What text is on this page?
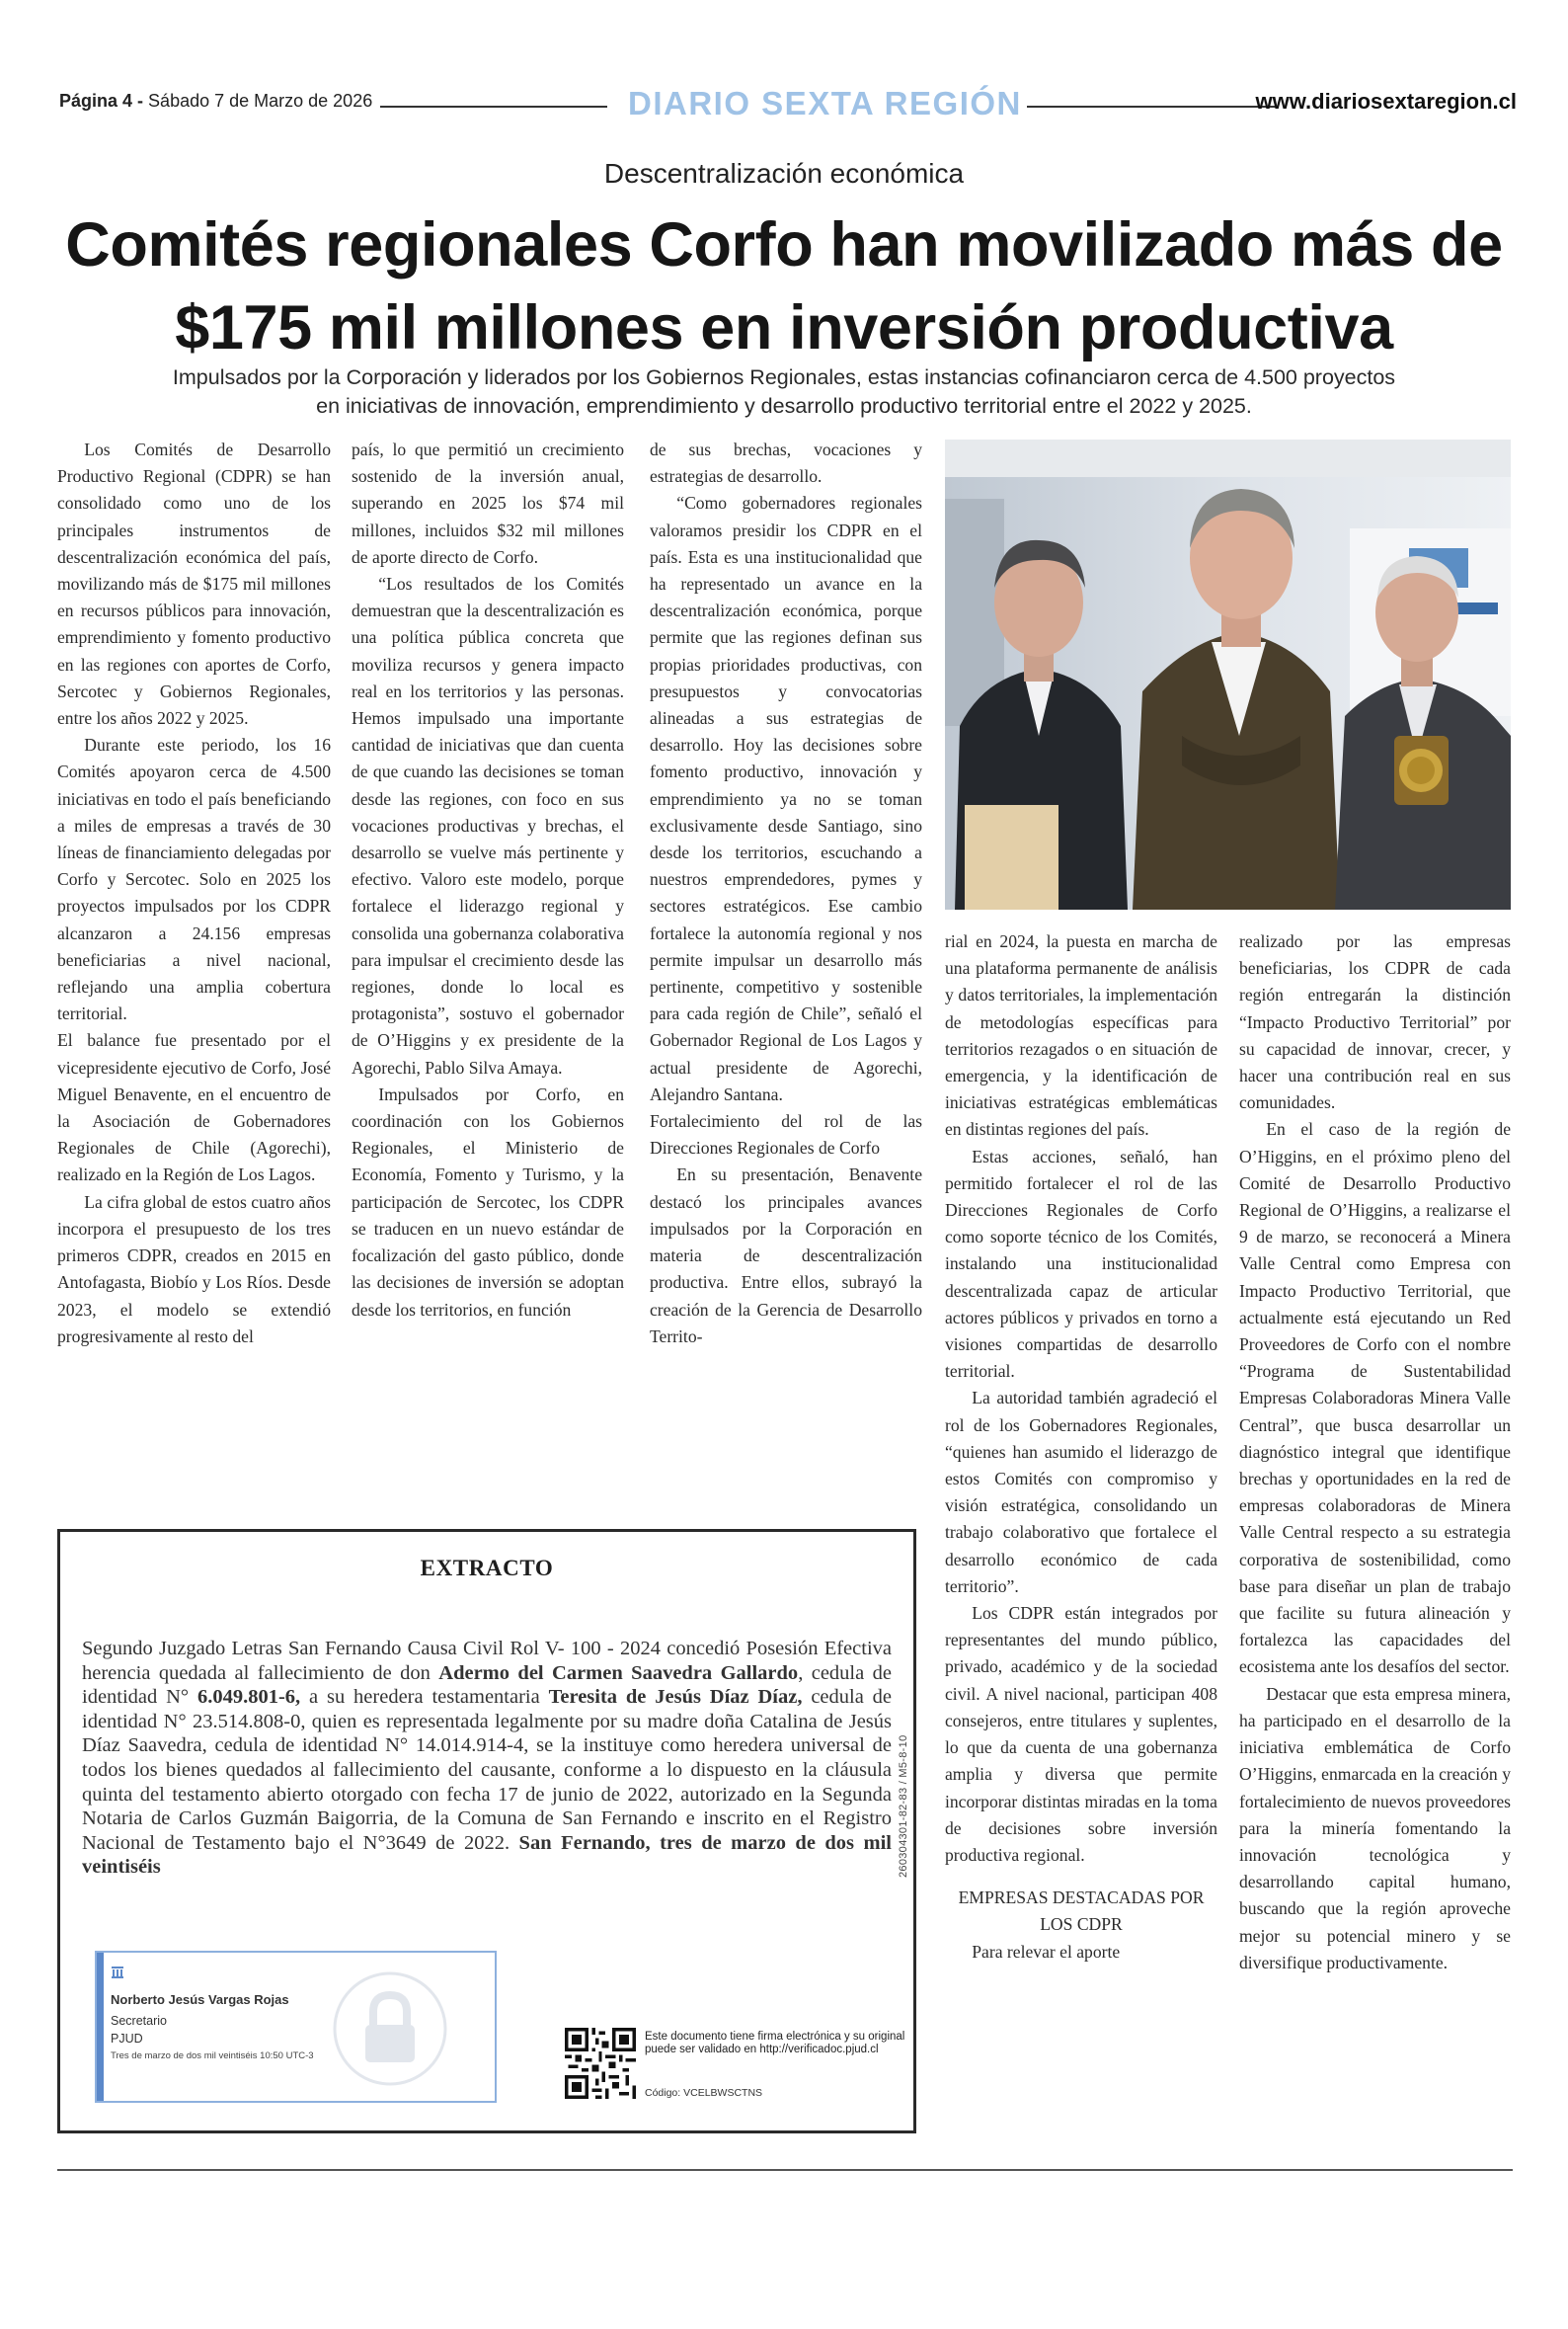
Página 4 - Sábado 7 de Marzo de 2026	DIARIO SEXTA REGIÓN	www.diariosextaregion.cl
Descentralización económica
Comités regionales Corfo han movilizado más de $175 mil millones en inversión productiva
Impulsados por la Corporación y liderados por los Gobiernos Regionales, estas instancias cofinanciaron cerca de 4.500 proyectos en iniciativas de innovación, emprendimiento y desarrollo productivo territorial entre el 2022 y 2025.

Los Comités de Desarrollo Productivo Regional (CDPR) se han consolidado como uno de los principales instrumentos de descentralización económica del país, movilizando más de $175 mil millones en recursos públicos para innovación, emprendimiento y fomento productivo en las regiones con aportes de Corfo, Sercotec y Gobiernos Regionales, entre los años 2022 y 2025.

Durante este periodo, los 16 Comités apoyaron cerca de 4.500 iniciativas en todo el país beneficiando a miles de empresas a través de 30 líneas de financiamiento delegadas por Corfo y Sercotec. Solo en 2025 los proyectos impulsados por los CDPR alcanzaron a 24.156 empresas beneficiarias a nivel nacional, reflejando una amplia cobertura territorial.

El balance fue presentado por el vicepresidente ejecutivo de Corfo, José Miguel Benavente, en el encuentro de la Asociación de Gobernadores Regionales de Chile (Agorechi), realizado en la Región de Los Lagos.

La cifra global de estos cuatro años incorpora el presupuesto de los tres primeros CDPR, creados en 2015 en Antofagasta, Biobío y Los Ríos. Desde 2023, el modelo se extendió progresivamente al resto del

país, lo que permitió un crecimiento sostenido de la inversión anual, superando en 2025 los $74 mil millones, incluidos $32 mil millones de aporte directo de Corfo.

“Los resultados de los Comités demuestran que la descentralización es una política pública concreta que moviliza recursos y genera impacto real en los territorios y las personas. Hemos impulsado una importante cantidad de iniciativas que dan cuenta de que cuando las decisiones se toman desde las regiones, con foco en sus vocaciones productivas y brechas, el desarrollo se vuelve más pertinente y efectivo. Valoro este modelo, porque fortalece el liderazgo regional y consolida una gobernanza colaborativa para impulsar el crecimiento desde las regiones, donde lo local es protagonista”, sostuvo el gobernador de O’Higgins y ex presidente de la Agorechi, Pablo Silva Amaya.

Impulsados por Corfo, en coordinación con los Gobiernos Regionales, el Ministerio de Economía, Fomento y Turismo, y la participación de Sercotec, los CDPR se traducen en un nuevo estándar de focalización del gasto público, donde las decisiones de inversión se adoptan desde los territorios, en función

de sus brechas, vocaciones y estrategias de desarrollo.

“Como gobernadores regionales valoramos presidir los CDPR en el país. Esta es una institucionalidad que ha representado un avance en la descentralización económica, porque permite que las regiones definan sus propias prioridades productivas, con presupuestos y convocatorias alineadas a sus estrategias de desarrollo. Hoy las decisiones sobre fomento productivo, innovación y emprendimiento ya no se toman exclusivamente desde Santiago, sino desde los territorios, escuchando a nuestros emprendedores, pymes y sectores estratégicos. Ese cambio fortalece la autonomía regional y nos permite impulsar un desarrollo más pertinente, competitivo y sostenible para cada región de Chile”, señaló el Gobernador Regional de Los Lagos y actual presidente de Agorechi, Alejandro Santana.

Fortalecimiento del rol de las Direcciones Regionales de Corfo

En su presentación, Benavente destacó los principales avances impulsados por la Corporación en materia de descentralización productiva. Entre ellos, subrayó la creación de la Gerencia de Desarrollo Territo-

rial en 2024, la puesta en marcha de una plataforma permanente de análisis y datos territoriales, la implementación de metodologías específicas para territorios rezagados o en situación de emergencia, y la identificación de iniciativas estratégicas emblemáticas en distintas regiones del país.

Estas acciones, señaló, han permitido fortalecer el rol de las Direcciones Regionales de Corfo como soporte técnico de los Comités, instalando una institucionalidad descentralizada capaz de articular actores públicos y privados en torno a visiones compartidas de desarrollo territorial.

La autoridad también agradeció el rol de los Gobernadores Regionales, “quienes han asumido el liderazgo de estos Comités con compromiso y visión estratégica, consolidando un trabajo colaborativo que fortalece el desarrollo económico de cada territorio”.

Los CDPR están integrados por representantes del mundo público, privado, académico y de la sociedad civil. A nivel nacional, participan 408 consejeros, entre titulares y suplentes, lo que da cuenta de una gobernanza amplia y diversa que permite incorporar distintas miradas en la toma de decisiones sobre inversión productiva regional.

EMPRESAS DESTACADAS POR LOS CDPR

Para relevar el aporte

realizado por las empresas beneficiarias, los CDPR de cada región entregarán la distinción “Impacto Productivo Territorial” por su capacidad de innovar, crecer, y hacer una contribución real en sus comunidades.

En el caso de la región de O’Higgins, en el próximo pleno del Comité de Desarrollo Productivo Regional de O’Higgins, a realizarse el 9 de marzo, se reconocerá a Minera Valle Central como Empresa con Impacto Productivo Territorial, que actualmente está ejecutando un Red Proveedores de Corfo con el nombre “Programa de Sustentabilidad Empresas Colaboradoras Minera Valle Central”, que busca desarrollar un diagnóstico integral que identifique brechas y oportunidades en la red de empresas colaboradoras de Minera Valle Central respecto a su estrategia corporativa de sostenibilidad, como base para diseñar un plan de trabajo que facilite su futura alineación y fortalezca las capacidades del ecosistema ante los desafíos del sector.

Destacar que esta empresa minera, ha participado en el desarrollo de la iniciativa emblemática de Corfo O’Higgins, enmarcada en la creación y fortalecimiento de nuevos proveedores para la minería fomentando la innovación tecnológica y desarrollando capital humano, buscando que la región aproveche mejor su potencial minero y se diversifique productivamente.

EXTRACTO

Segundo Juzgado Letras San Fernando Causa Civil Rol V- 100 - 2024 concedió Posesión Efectiva herencia quedada al fallecimiento de don Adermo del Carmen Saavedra Gallardo, cedula de identidad N° 6.049.801-6, a su heredera testamentaria Teresita de Jesús Díaz Díaz, cedula de identidad N° 23.514.808-0, quien es representada legalmente por su madre doña Catalina de Jesús Díaz Saavedra, cedula de identidad N° 14.014.914-4, se la instituye como heredera universal de todos los bienes quedados al fallecimiento del causante, conforme a lo dispuesto en la cláusula quinta del testamento abierto otorgado con fecha 17 de junio de 2022, autorizado en la Segunda Notaria de Carlos Guzmán Baigorria, de la Comuna de San Fernando e inscrito en el Registro Nacional de Testamento bajo el N°3649 de 2022. San Fernando, tres de marzo de dos mil veintiséis	260304301-82-83 / M5-8-10
Norberto Jesús Vargas Rojas
Secretario
PJUD
Tres de marzo de dos mil veintiséis 10:50 UTC-3
Este documento tiene firma electrónica y su original puede ser validado en http://verificadoc.pjud.cl
Código: VCELBWSCTNS
